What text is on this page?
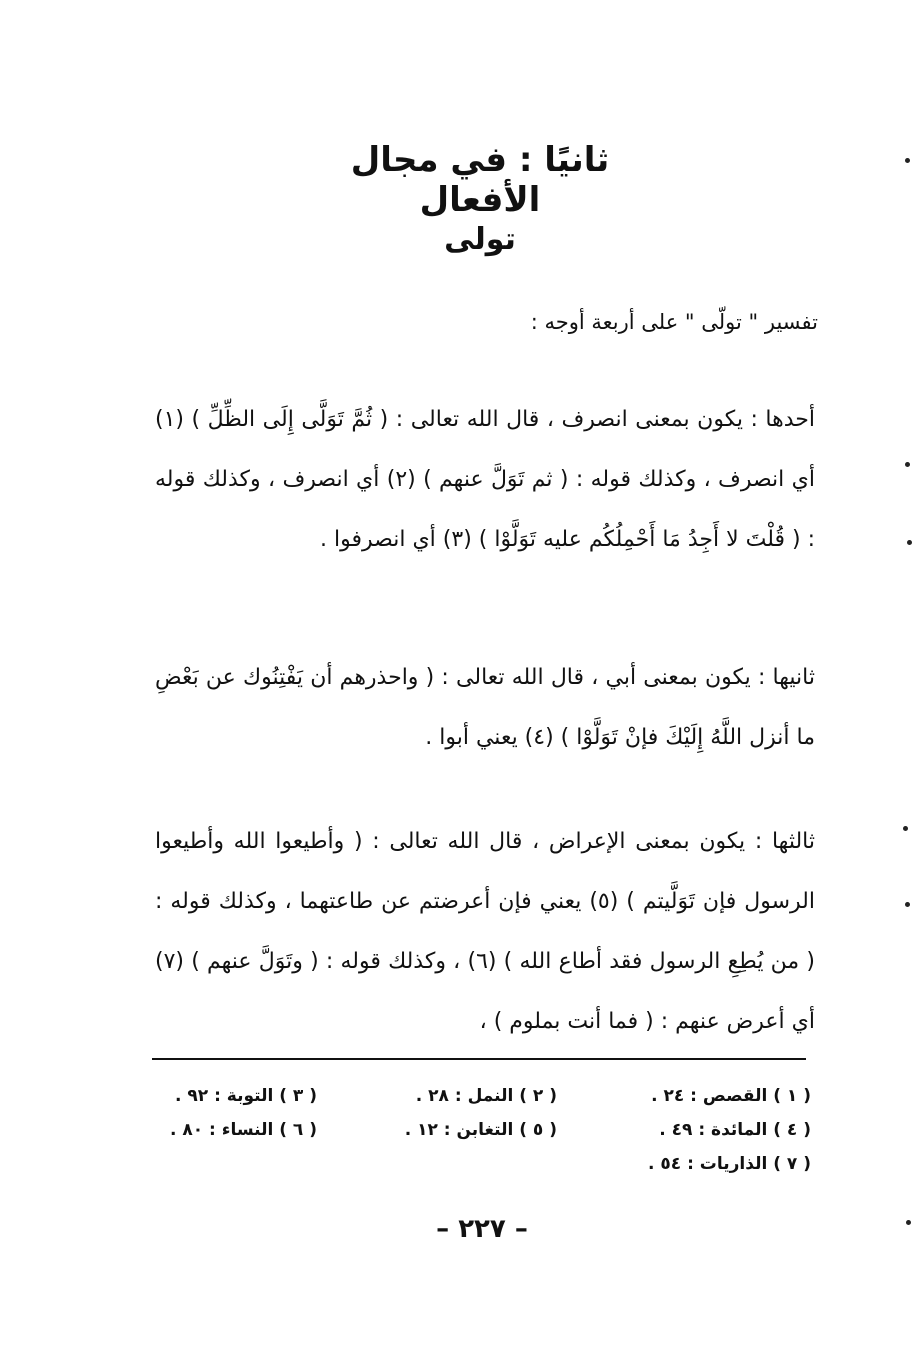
ثانيًا : في مجال الأفعال
تولى
تفسير " تولّى " على أربعة أوجه :
أحدها : يكون بمعنى انصرف ، قال الله تعالى : ( ثُمَّ تَوَلَّى إِلَى الظِّلِّ ) (١) أي انصرف ، وكذلك قوله : ( ثم تَوَلَّ عنهم ) (٢) أي انصرف ، وكذلك قوله : ( قُلْتَ لا أَجِدُ مَا أَحْمِلُكُم عليه تَوَلَّوْا ) (٣) أي انصرفوا .
ثانيها : يكون بمعنى أبي ، قال الله تعالى : ( واحذرهم أن يَفْتِنُوك عن بَعْضِ ما أنزل اللَّهُ إِلَيْكَ فإنْ تَوَلَّوْا ) (٤) يعني أبوا .
ثالثها : يكون بمعنى الإعراض ، قال الله تعالى : ( وأطيعوا الله وأطيعوا الرسول فإن تَوَلَّيتم ) (٥) يعني فإن أعرضتم عن طاعتهما ، وكذلك قوله : ( من يُطِعِ الرسول فقد أطاع الله ) (٦) ، وكذلك قوله : ( وتَوَلَّ عنهم ) (٧) أي أعرض عنهم : ( فما أنت بملوم ) ،
( ١ ) القصص : ٢٤ .
( ٢ ) النمل : ٢٨ .
( ٣ ) التوبة : ٩٢ .
( ٤ ) المائدة : ٤٩ .
( ٥ ) التغابن : ١٢ .
( ٦ ) النساء : ٨٠ .
( ٧ ) الذاريات : ٥٤ .
– ٢٢٧ –
